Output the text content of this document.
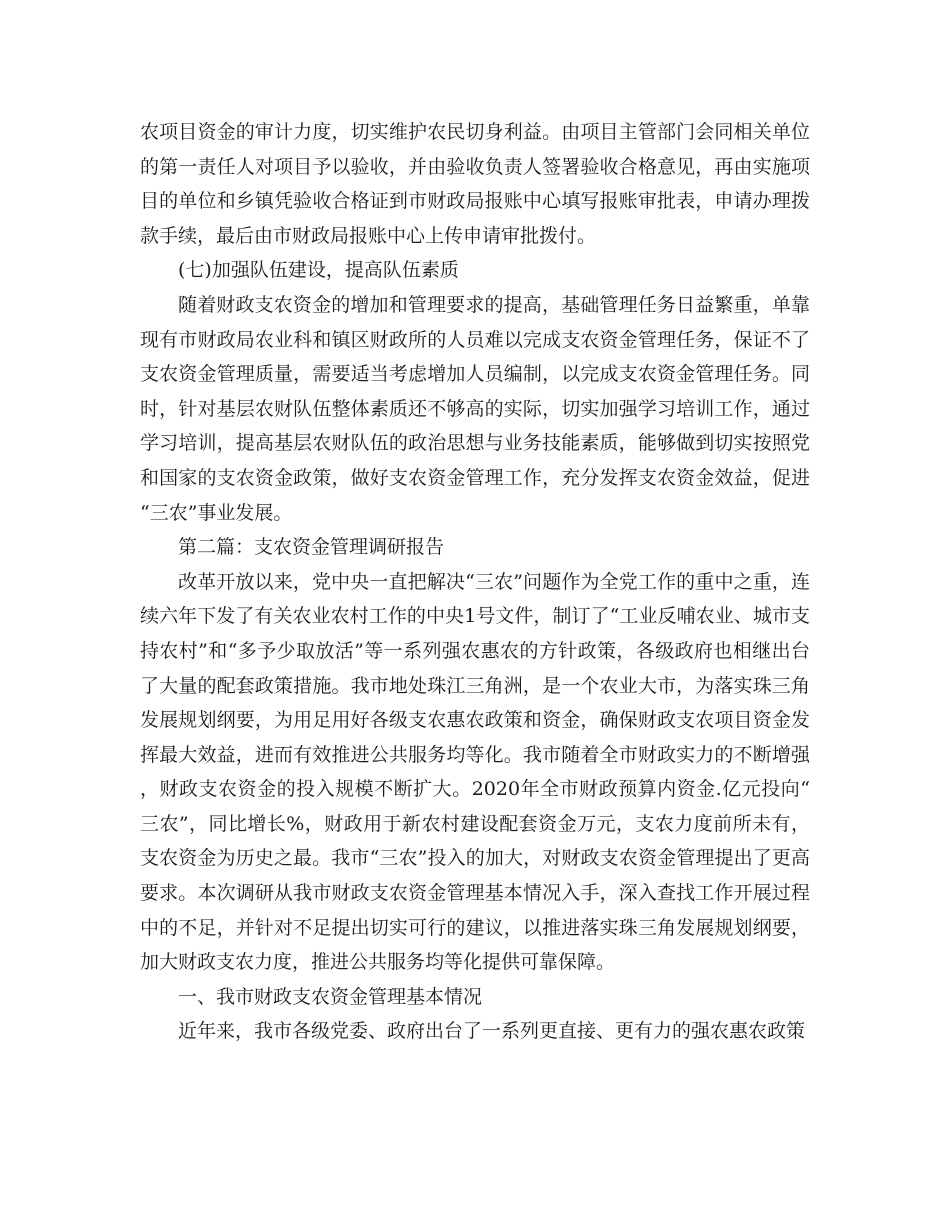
农项目资金的审计力度，切实维护农民切身利益。由项目主管部门会同相关单位的第一责任人对项目予以验收，并由验收负责人签署验收合格意见，再由实施项目的单位和乡镇凭验收合格证到市财政局报账中心填写报账审批表，申请办理拨款手续，最后由市财政局报账中心上传申请审批拨付。

(七)加强队伍建设，提高队伍素质

随着财政支农资金的增加和管理要求的提高，基础管理任务日益繁重，单靠现有市财政局农业科和镇区财政所的人员难以完成支农资金管理任务，保证不了支农资金管理质量，需要适当考虑增加人员编制，以完成支农资金管理任务。同时，针对基层农财队伍整体素质还不够高的实际，切实加强学习培训工作，通过学习培训，提高基层农财队伍的政治思想与业务技能素质，能够做到切实按照党和国家的支农资金政策，做好支农资金管理工作，充分发挥支农资金效益，促进“三农”事业发展。

第二篇：支农资金管理调研报告

改革开放以来，党中央一直把解决“三农”问题作为全党工作的重中之重，连续六年下发了有关农业农村工作的中央1号文件，制订了“工业反哺农业、城市支持农村”和“多予少取放活”等一系列强农惠农的方针政策，各级政府也相继出台了大量的配套政策措施。我市地处珠江三角洲，是一个农业大市，为落实珠三角发展规划纲要，为用足用好各级支农惠农政策和资金，确保财政支农项目资金发挥最大效益，进而有效推进公共服务均等化。我市随着全市财政实力的不断增强，财政支农资金的投入规模不断扩大。2020年全市财政预算内资金.亿元投向“三农”，同比增长%，财政用于新农村建设配套资金万元，支农力度前所未有，支农资金为历史之最。我市“三农”投入的加大，对财政支农资金管理提出了更高要求。本次调研从我市财政支农资金管理基本情况入手，深入查找工作开展过程中的不足，并针对不足提出切实可行的建议，以推进落实珠三角发展规划纲要，加大财政支农力度，推进公共服务均等化提供可靠保障。

一、我市财政支农资金管理基本情况

近年来，我市各级党委、政府出台了一系列更直接、更有力的强农惠农政策
